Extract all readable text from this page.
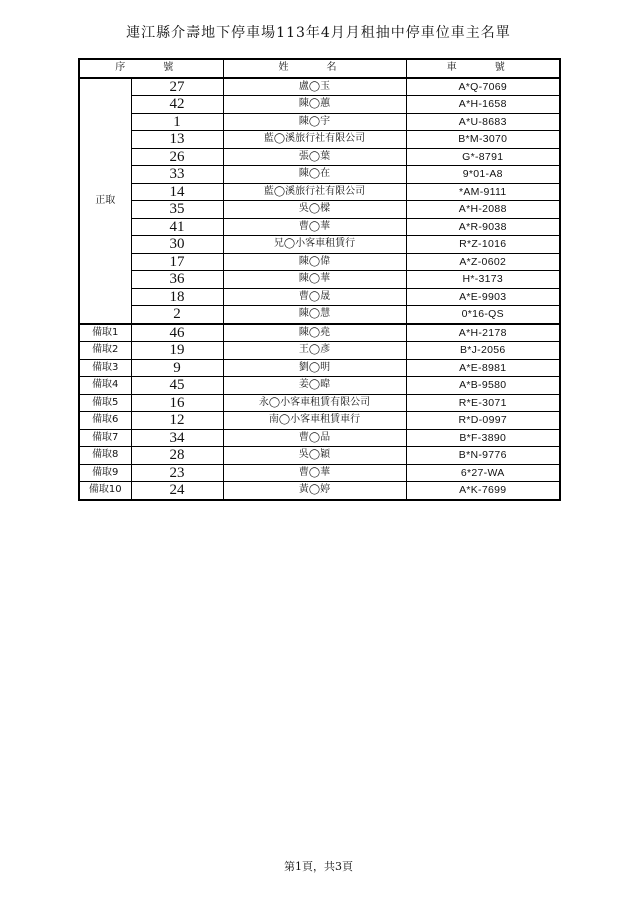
連江縣介壽地下停車場113年4月月租抽中停車位車主名單
序　號		姓　名	車　號
正取	27	盧◯玉	A*Q-7069
	42	陳◯蕙	A*H-1658
	1	陳◯宇	A*U-8683
	13	藍◯溪旅行社有限公司	B*M-3070
	26	張◯葉	G*-8791
	33	陳◯在	9*01-A8
	14	藍◯溪旅行社有限公司	*AM-9111
	35	吳◯樑	A*H-2088
	41	曹◯華	A*R-9038
	30	兄◯小客車租賃行	R*Z-1016
	17	陳◯偉	A*Z-0602
	36	陳◯華	H*-3173
	18	曹◯晟	A*E-9903
	2	陳◯慧	0*16-QS
備取1	46	陳◯堯	A*H-2178
備取2	19	王◯彥	B*J-2056
備取3	9	劉◯明	A*E-8981
備取4	45	姜◯暐	A*B-9580
備取5	16	永◯小客車租賃有限公司	R*E-3071
備取6	12	南◯小客車租賃車行	R*D-0997
備取7	34	曹◯品	B*F-3890
備取8	28	吳◯穎	B*N-9776
備取9	23	曹◯華	6*27-WA
備取10	24	黃◯婷	A*K-7699
第1頁，共3頁
